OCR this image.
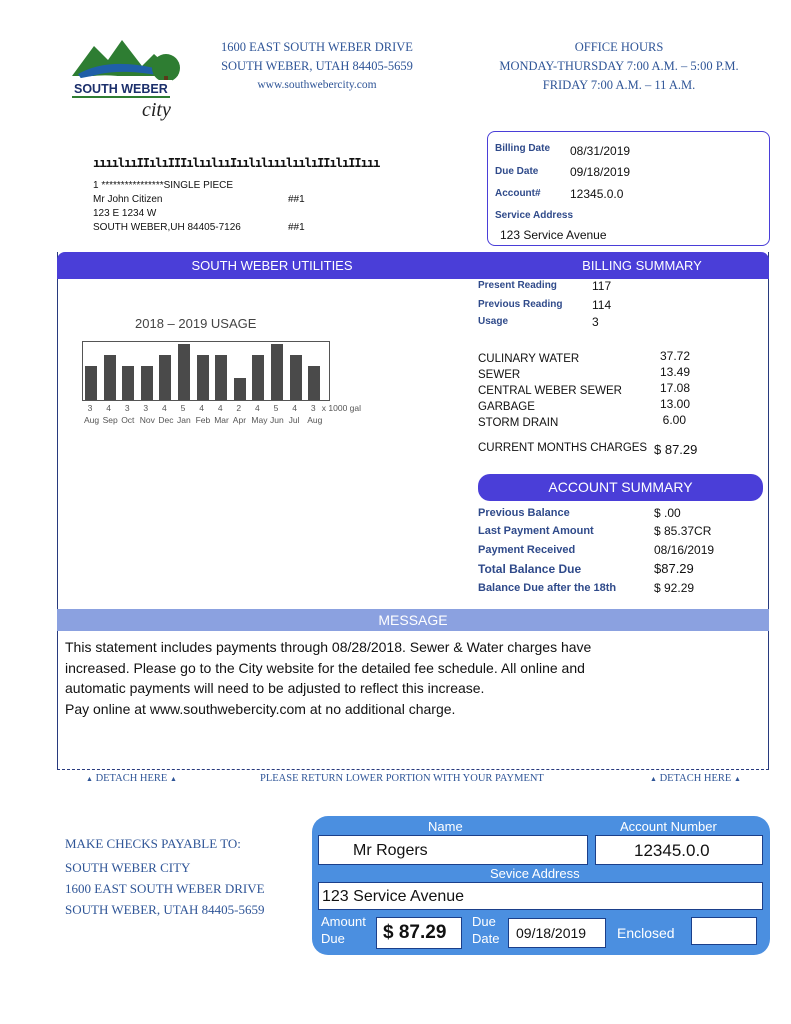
SOUTH WEBER
city
1600 EAST SOUTH WEBER DRIVE
SOUTH WEBER, UTAH 84405-5659
www.southwebercity.com
OFFICE HOURS
MONDAY-THURSDAY 7:00 A.M. – 5:00 P.M.
FRIDAY 7:00 A.M. – 11 A.M.
ıııılııIIılıIIIılıılııIıılılııılıılıIIılıIIııı
1 ****************SINGLE PIECE
Mr John Citizen	##1
123 E 1234 W
SOUTH WEBER,UH 84405-7126	##1
Billing Date 08/31/2019
Due Date	09/18/2019
Account# 12345.0.0
Service Address
123 Service Avenue
SOUTH WEBER UTILITIES	BILLING SUMMARY
2018 – 2019 USAGE
3
Aug
4
Sep
3
Oct
3
Nov
4
Dec
5
Jan
4
Feb
4
Mar
2
Apr
4
May
5
Jun
4
Jul
3
Aug
x 1000 gal
Present Reading	117
Previous Reading 114
Usage	3
CULINARY WATER	37.72
SEWER	13.49
CENTRAL WEBER SEWER	17.08
GARBAGE	13.00
STORM DRAIN	6.00
CURRENT MONTHS CHARGES $ 87.29
ACCOUNT SUMMARY
Previous Balance	$ .00
Last Payment Amount	$ 85.37CR
Payment Received	08/16/2019
Total Balance Due	$87.29
Balance Due after the 18th	$ 92.29
MESSAGE
This statement includes payments through 08/28/2018. Sewer & Water charges have
increased. Please go to the City website for the detailed fee schedule. All online and
automatic payments will need to be adjusted to reflect this increase.
Pay online at www.southwebercity.com at no additional charge.
▲ DETACH HERE ▲	PLEASE RETURN LOWER PORTION WITH YOUR PAYMENT	▲ DETACH HERE ▲
MAKE CHECKS PAYABLE TO:
SOUTH WEBER CITY
1600 EAST SOUTH WEBER DRIVE
SOUTH WEBER, UTAH 84405-5659
Name	Account Number
Mr Rogers	12345.0.0
Sevice Address
123 Service Avenue
Amount
Due	$ 87.29
Due
Date	09/18/2019	Enclosed
